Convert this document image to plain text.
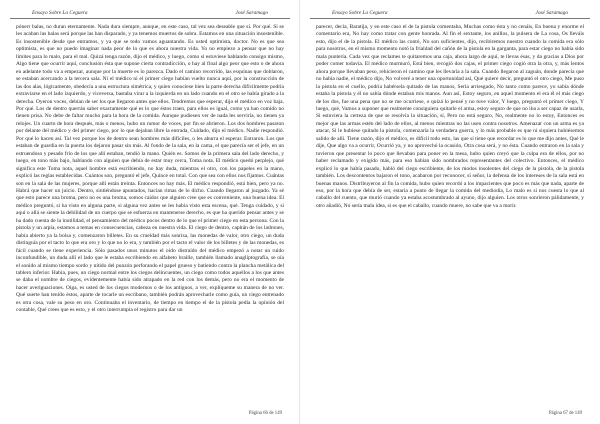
Ensayo Sobre La Ceguera	José Saramago

pónerr balas, no duran eternamente. Nada dura siempre, aunque, en este caso, tal vez sea deseable que sí. Por qué. Si se les acaban las balas será porque las han disparado, y ya tenemos muertos de sobra. Estamos en una situación insostenible. Es insostenible desde que entramos, y ya que se todo vamos aguantando. Es usted optimista, doctor. No es que sea optimista, es que no puedo imaginar nada peor de lo que es ahora nuestra vida. Yo no empiezo a pensar que no hay límites para lo malo, para el mal. Quizá tenga razón, dijo el médico, y luego, como si estuviese hablando consigo mismo, Algo tiene que ocurrir aquí, conclusión ésta que supone cierta contradicción, o hay al final algo peor que esto o de ahora en adelante todo va a empezar, aunque por la muerte es lo parezca. Dado el camino recorrido, las esquinas que doblaron, se estaban acercando a la tercera sala. Ni el médico ni el primer ciego habían vuelto nunca aquí, por la construcción de las dos alas, lógicamente, obedecía a una estructura simétrica, y quien conociese bien la parte derecha difícilmente podría extraviarse en el lado izquierdo, y viceversa, bastaba virar a la izquierda en un lado cuando en el otro se había girado a la derecha. Oyeron voces, debían de ser los que llegaron antes que ellos. Tendremos que esperar, dijo el médico en voz baja. Por qué. Los de dentro querrán saber exactamente qué es lo que éstos traen, para ellos es igual, como ya han comido no tienen prisa. No debe de faltar mucho para la hora de la comida. Aunque pudiesen ver de nada les serviría, no tienen ya relojes. Un cuarto de hora después, más o menos, hubo un rumor de voces, por fin se abrieron. Los dos hombres pasaron por delante del médico y del primer ciego, por lo que dejaban libre la entrada, Cuidado, dijo el médico. Nadie respondió. Por qué lo hacen así. Tal vez porque los de dentro sean hombres más difíciles, o les aburra el esperar. Entraron. Los que estaban de guardia en la puerta los dejaron pasar sin más. Al fondo de la sala, en la cama, el que parecía ser el jefe, en un estruendoso y pesado frío de los que allí estaban, tendió la mano. Quién es. Somos de la primera sala del lado derecho, y luego, en tono más bajo, hablando con alguien que debía de estar muy cerca, Toma nota. El médico quedó perplejo, qué significa este Toma nota, aquel hombre está escribiendo, no hay duda, mientras el otro, con los papeles en la mano, explicó las reglas establecidas. Cuántos son, preguntó el jefe, Quince en total. Con que sea con ellos nos fijamos. Cuántas son en la sala de las mujeres, porque allí están treinta. Entonces no hay más. El médico respondió, está bien, pero ya no. Habrá que hacer un juicio. Dentro, sintiéndose apuntados, hacían rimas de lo dicho. Cuando llegaron al juzgado. Ya sé que esto parece una broma, pero no es una broma, somos caídos que alguien cree que es conveniente, una buena idea. El médico preguntó, si ha visto en alguna parte, si alguna vez antes se les había visto esta escena, qué. Tenga cuidado, y si aquí o allá se siente la debilidad de un cuerpo que se esfuerza en mantenerse derecho, es que ha querido pensar antes y se ha dado cuenta de la inutilidad, el pensamiento del médico pocos dentro de lo que el primer ciego en esta persona. Con la pistola y un arpía, estamos a temas en consecuencias, cabeza en nuestra vida. El ciego de dentro, capitán de los ladrones, había abierto ya la bolsa y, comenzaron billetes. En su crueldad más sonrisa, las monedas de valor, otro ciego, un duda distinguía por el tacto lo que era oro y lo que no lo era, y también por el tacto el valor de los billetes y de las monedas, es fácil cuando se tiene experiencia. Sólo pasados unos minutos el oído distraído del médico empezó a notar un ruido inconfundible, un duda allí el lado que le estaba escribiendo en alfabeto braille, también llamado anaglíptografía, se oía el sonido al mismo tiempo sordo y nítido del punzón perforando el papel grueso y batiendo contra la plancha metálica del tablero inferior. Había, pues, un ciego normal entre los ciegos delincuentes, un ciego como todos aquellos a los que antes se daba el nombre de ciegos, evidentemente había sido atrapado en la red con los demás, pero no era el momento de hacer averiguaciones. Oiga, es usted de los ciegos modernos o de los antiguos, a ver, explíqueme su manera de no ver. Qué suerte han tenido éstos, aparte de tocarle un escribano, también podrán aprovecharle como guía, un ciego entrenado es otra cosa, vale su peso en oro. Continuaba el inventario, de tiempo en tiempo el de la pistola pedía la opinión del contable, Qué crees que es esto, y el otro interrumpía el registro para dar un

Página 66 de 149
Ensayo Sobre La Ceguera	José Saramago

parecer, decía, Baratija, y en este caso el de la pistola comentaba, Muchas como ésta y no cenáis, En buena y enorme el comentario era, No hay como tratar con gente honrada. Al fin el sextante, los anillos, la pulsera de La cosa, Os lleváis esto, dijo el de la pistola. El médico las contó, No son suficientes, dijo, recibiremos nuestro cuando la comida era sólo para nosotros, en el mismo momento notó la frialdad del cañón de la pistola en la garganta, para estar ciego no había sido mala puntería. Cada vez que reclames te quitaremos una caja, ahora largo de aquí, te llevas ésas, y da gracias a Dios por poder comer todavía. El médico murmuró, Está bien, recogió dos cajas, el primer ciego cogió otra la otra, y, más lentos ahora porque llevaban peso, rehicieron el camino que les llevaría a la sala. Cuando llegaron al zaguán, donde parecía que no había nadie, el médico dijo, No volveré a tener una oportunidad así, Qué quiere decir, preguntó el otro ciego, Me puso la pistola en el cuello, podría habérsela quitado de las manos, Sería arriesgado, No tanto como parece, yo sabía dónde estaba la pistola y él no sabía dónde estaban mis manos. Aun así, Estoy seguro, en aquel momento el era él el más ciego de los dos, fue una pena que no se me ocurriese, o quizá lo pensé y no tuve valor, Y luego, preguntó el primer ciego, Y luego, qué, Vamos a suponer que realmente consiguiera quitarle el arma, estoy seguro de que no iba a ser capaz de usarla, Si estuviera la certeza de que se resolvía la situación, sí, Pero no está seguro, No, realmente no lo estoy, Entonces es mejor que las armas estén del lado de ellos, al menos mientras no las usen contra nosotros. Amenazar con un arma es ya atacar, Si le hubiese quitado la pistola, comenzaría la verdadera guerra, y lo más probable es que ni siquiera hubiésemos salido de allí. Tiene razón, dijo el médico, es difícil todo esto, las que sí tiene que recordar es lo que me dijo antes, Qué le dije, Que algo va a ocurrir, Ocurrió ya, y no aprovechó la ocasión, Otra cosa será, y no ésta. Cuando entraron en la sala y tuvieron que presentar lo poco que llevaban para poner en la mesa, hubo quien creyó que la culpa era de ellos, por no haber reclamado y exigido más, para eso habían sido nombrados representantes del colectivo. Entonces, el médico explicó lo que había pasado, habló del ciego escribiente, de los modos insolentes del ciego de la pistola, de la pistola también. Los descontentos bajaron el tono, acabaron por reconocer, sí señor, la defensa de los intereses de la sala está en buenas manos. Distribuyeron al fin la comida, hubo quien recordó a los impacientes que poco es más que nada, aparte de eso, por la hora que debía de ser, estaría a punto de llegar la comida del mediodía, Lo malo es si nos cuesta lo que al caballo del cuento, que murió cuando ya estaba acostumbrado al ayuno, dijo alguien. Los otros sonrieron pálidamente, y otro añadió, No sería mala idea, si es que el caballo, cuando muere, no sabe que va a morir.

Página 67 de 149
